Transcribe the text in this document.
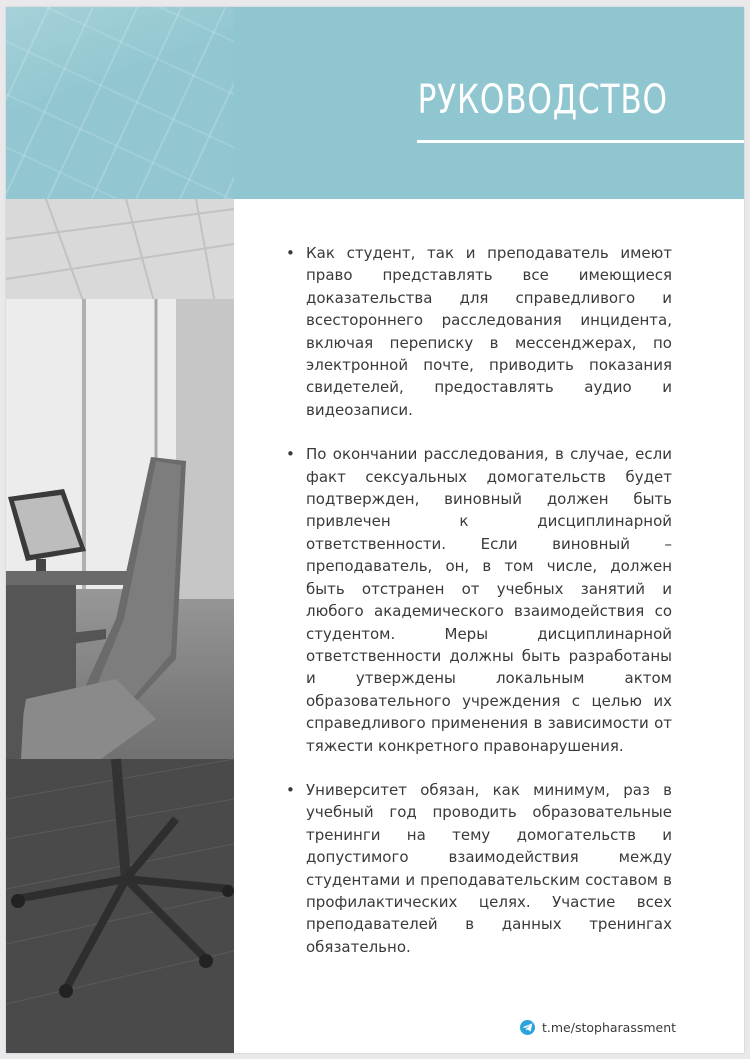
РУКОВОДСТВО
• Как студент, так и преподаватель имеют право представлять все имеющиеся доказательства для справедливого и всестороннего расследования инцидента, включая переписку в мессенджерах, по электронной почте, приводить показания свидетелей, предоставлять аудио и видеозаписи.
• По окончании расследования, в случае, если факт сексуальных домогательств будет подтвержден, виновный должен быть привлечен к дисциплинарной ответственности. Если виновный – преподаватель, он, в том числе, должен быть отстранен от учебных занятий и любого академического взаимодействия со студентом. Меры дисциплинарной ответственности должны быть разработаны и утверждены локальным актом образовательного учреждения с целью их справедливого применения в зависимости от тяжести конкретного правонарушения.
• Университет обязан, как минимум, раз в учебный год проводить образовательные тренинги на тему домогательств и допустимого взаимодействия между студентами и преподавательским составом в профилактических целях. Участие всех преподавателей в данных тренингах обязательно.
t.me/stopharassment
